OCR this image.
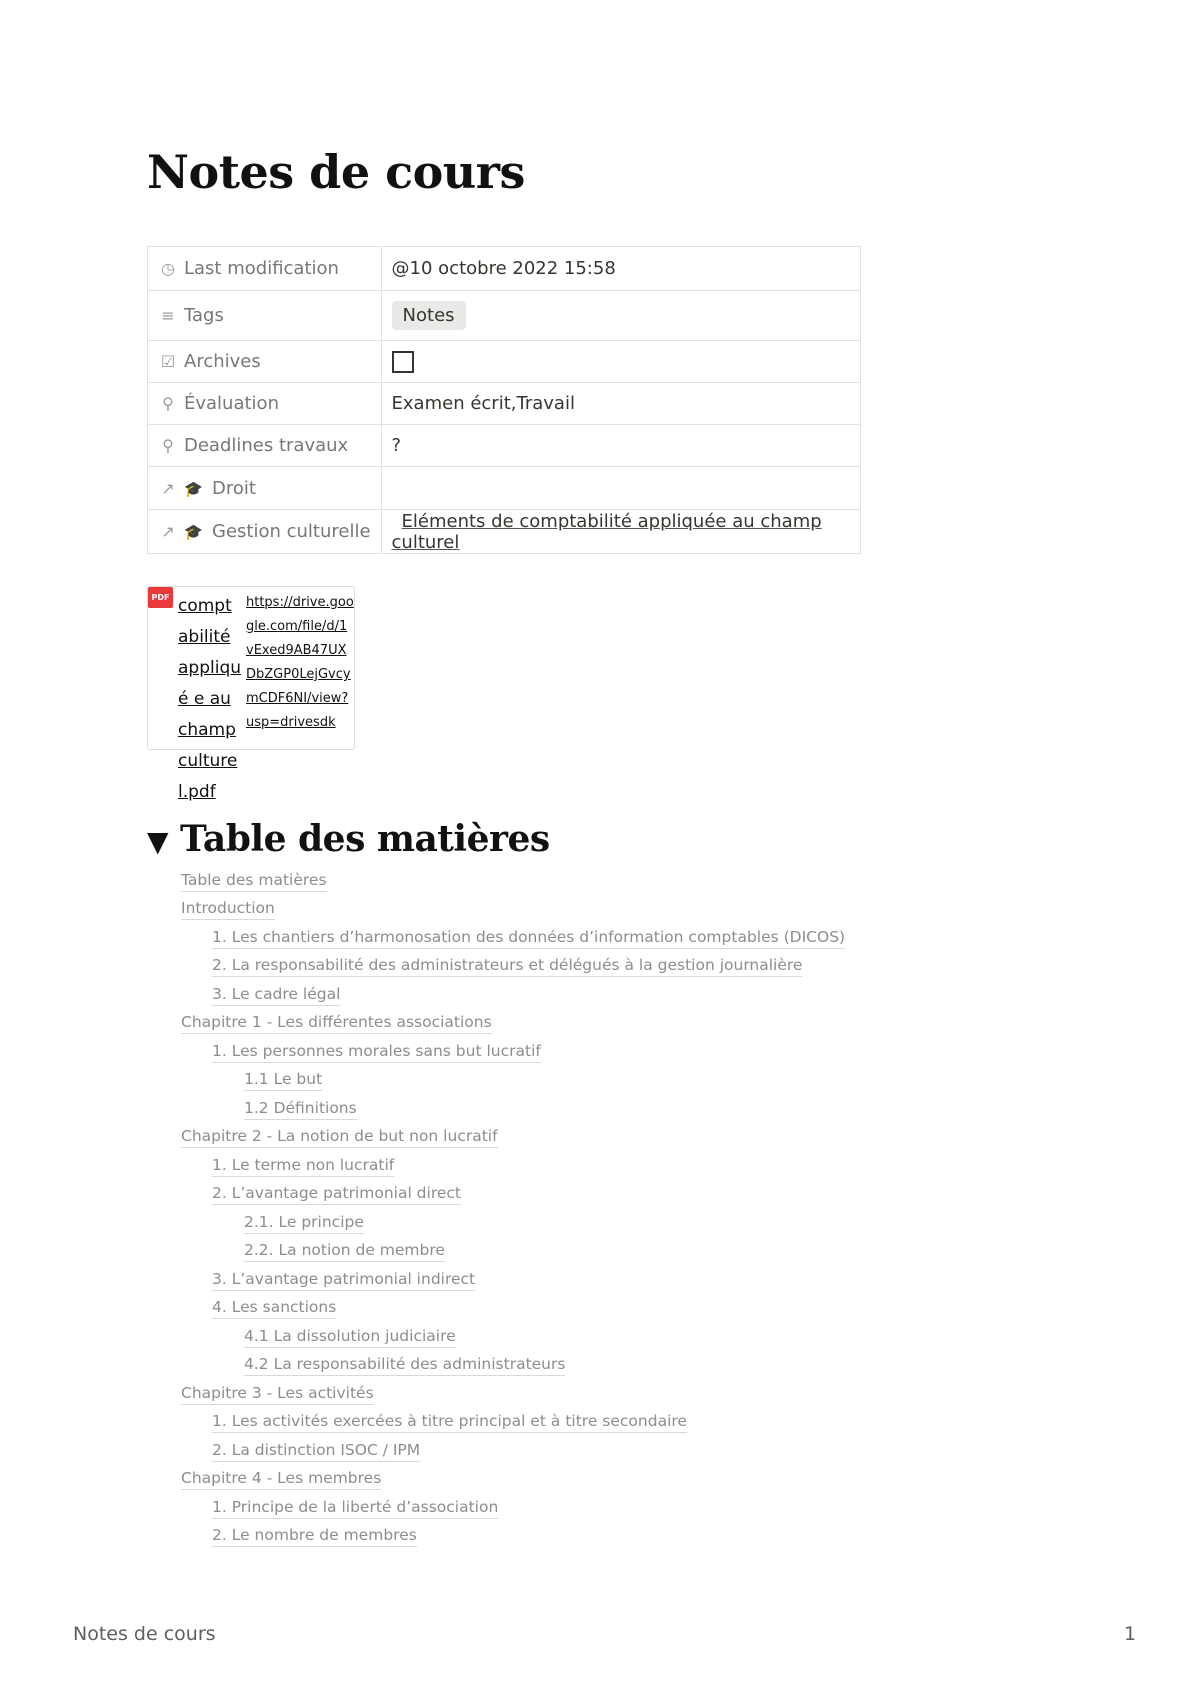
Notes de cours
◷ Last modification	@10 octobre 2022 15:58
≡ Tags	Notes
☑ Archives	
⚲ Évaluation	Examen écrit,Travail
⚲ Deadlines travaux	?
↗ 🎓 Droit	
↗ 🎓 Gestion culturelle	Eléments de comptabilité appliquée au champ culturel
PDF comptabilité appliqué e au champ culturel.pdf
https://drive.google.com/file/d/1vExed9AB47UXDbZGP0LejGvcymCDF6NI/view?usp=drivesdk
▼ Table des matières
Table des matières
Introduction
1. Les chantiers d’harmonosation des données d’information comptables (DICOS)
2. La responsabilité des administrateurs et délégués à la gestion journalière
3. Le cadre légal
Chapitre 1 - Les différentes associations
1. Les personnes morales sans but lucratif
1.1 Le but
1.2 Définitions
Chapitre 2 - La notion de but non lucratif
1. Le terme non lucratif
2. L’avantage patrimonial direct
2.1. Le principe
2.2. La notion de membre
3. L’avantage patrimonial indirect
4. Les sanctions
4.1 La dissolution judiciaire
4.2 La responsabilité des administrateurs
Chapitre 3 - Les activités
1. Les activités exercées à titre principal et à titre secondaire
2. La distinction ISOC / IPM
Chapitre 4 - Les membres
1. Principe de la liberté d’association
2. Le nombre de membres
Notes de cours	1
